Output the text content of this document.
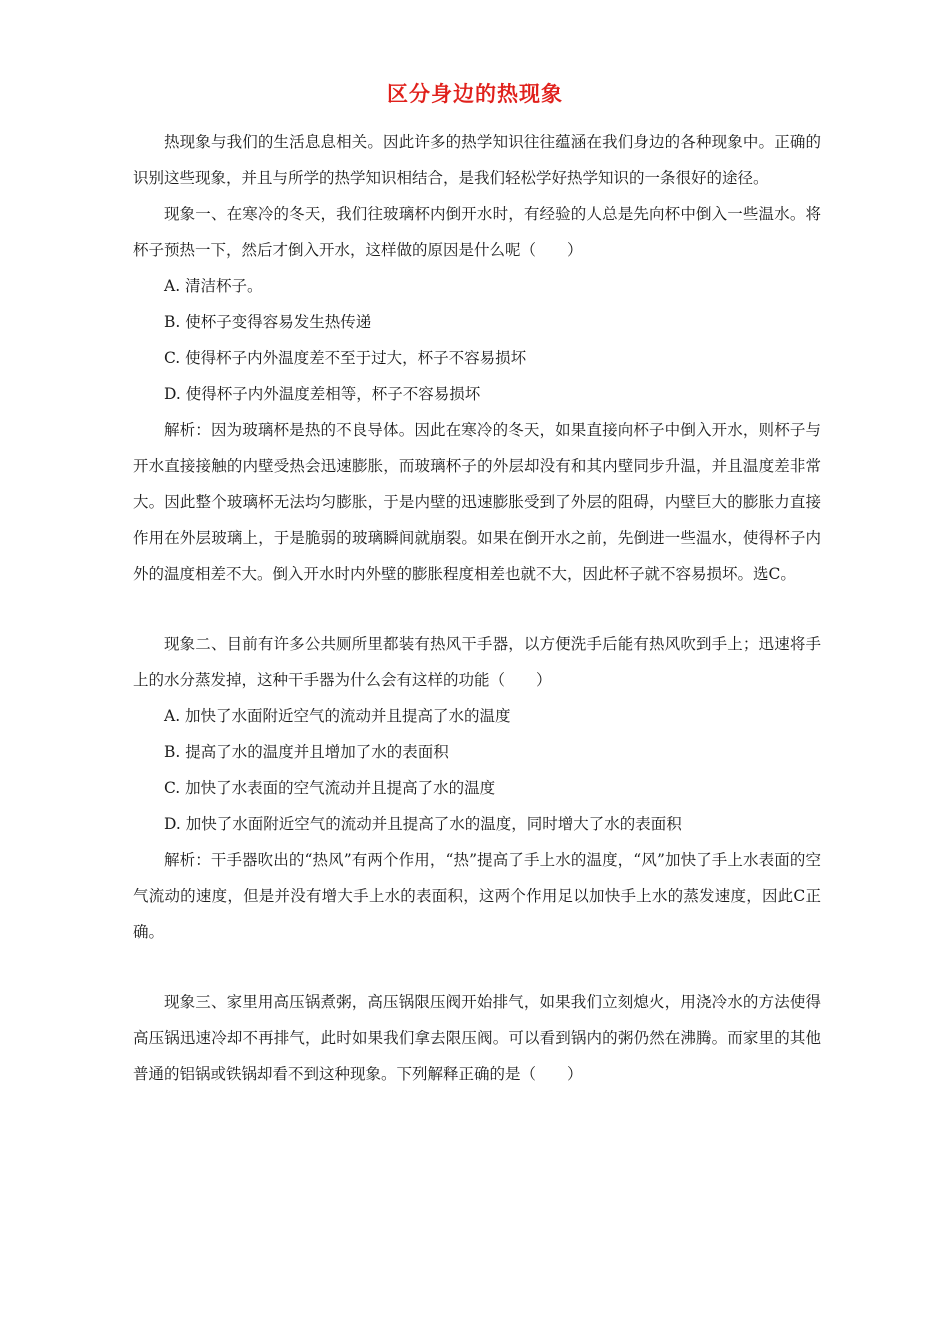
区分身边的热现象

热现象与我们的生活息息相关。因此许多的热学知识往往蕴涵在我们身边的各种现象中。正确的识别这些现象，并且与所学的热学知识相结合，是我们轻松学好热学知识的一条很好的途径。

现象一、在寒冷的冬天，我们往玻璃杯内倒开水时，有经验的人总是先向杯中倒入一些温水。将杯子预热一下，然后才倒入开水，这样做的原因是什么呢（　　）

A. 清洁杯子。

B. 使杯子变得容易发生热传递

C. 使得杯子内外温度差不至于过大，杯子不容易损坏

D. 使得杯子内外温度差相等，杯子不容易损坏

解析：因为玻璃杯是热的不良导体。因此在寒冷的冬天，如果直接向杯子中倒入开水，则杯子与开水直接接触的内壁受热会迅速膨胀，而玻璃杯子的外层却没有和其内壁同步升温，并且温度差非常大。因此整个玻璃杯无法均匀膨胀，于是内壁的迅速膨胀受到了外层的阻碍，内壁巨大的膨胀力直接作用在外层玻璃上，于是脆弱的玻璃瞬间就崩裂。如果在倒开水之前，先倒进一些温水，使得杯子内外的温度相差不大。倒入开水时内外壁的膨胀程度相差也就不大，因此杯子就不容易损坏。选C。

现象二、目前有许多公共厕所里都装有热风干手器，以方便洗手后能有热风吹到手上；迅速将手上的水分蒸发掉，这种干手器为什么会有这样的功能（　　）

A. 加快了水面附近空气的流动并且提高了水的温度

B. 提高了水的温度并且增加了水的表面积

C. 加快了水表面的空气流动并且提高了水的温度

D. 加快了水面附近空气的流动并且提高了水的温度，同时增大了水的表面积

解析：干手器吹出的“热风”有两个作用，“热”提高了手上水的温度，“风”加快了手上水表面的空气流动的速度，但是并没有增大手上水的表面积，这两个作用足以加快手上水的蒸发速度，因此C正确。

现象三、家里用高压锅煮粥，高压锅限压阀开始排气，如果我们立刻熄火，用浇冷水的方法使得高压锅迅速冷却不再排气，此时如果我们拿去限压阀。可以看到锅内的粥仍然在沸腾。而家里的其他普通的铝锅或铁锅却看不到这种现象。下列解释正确的是（　　）
